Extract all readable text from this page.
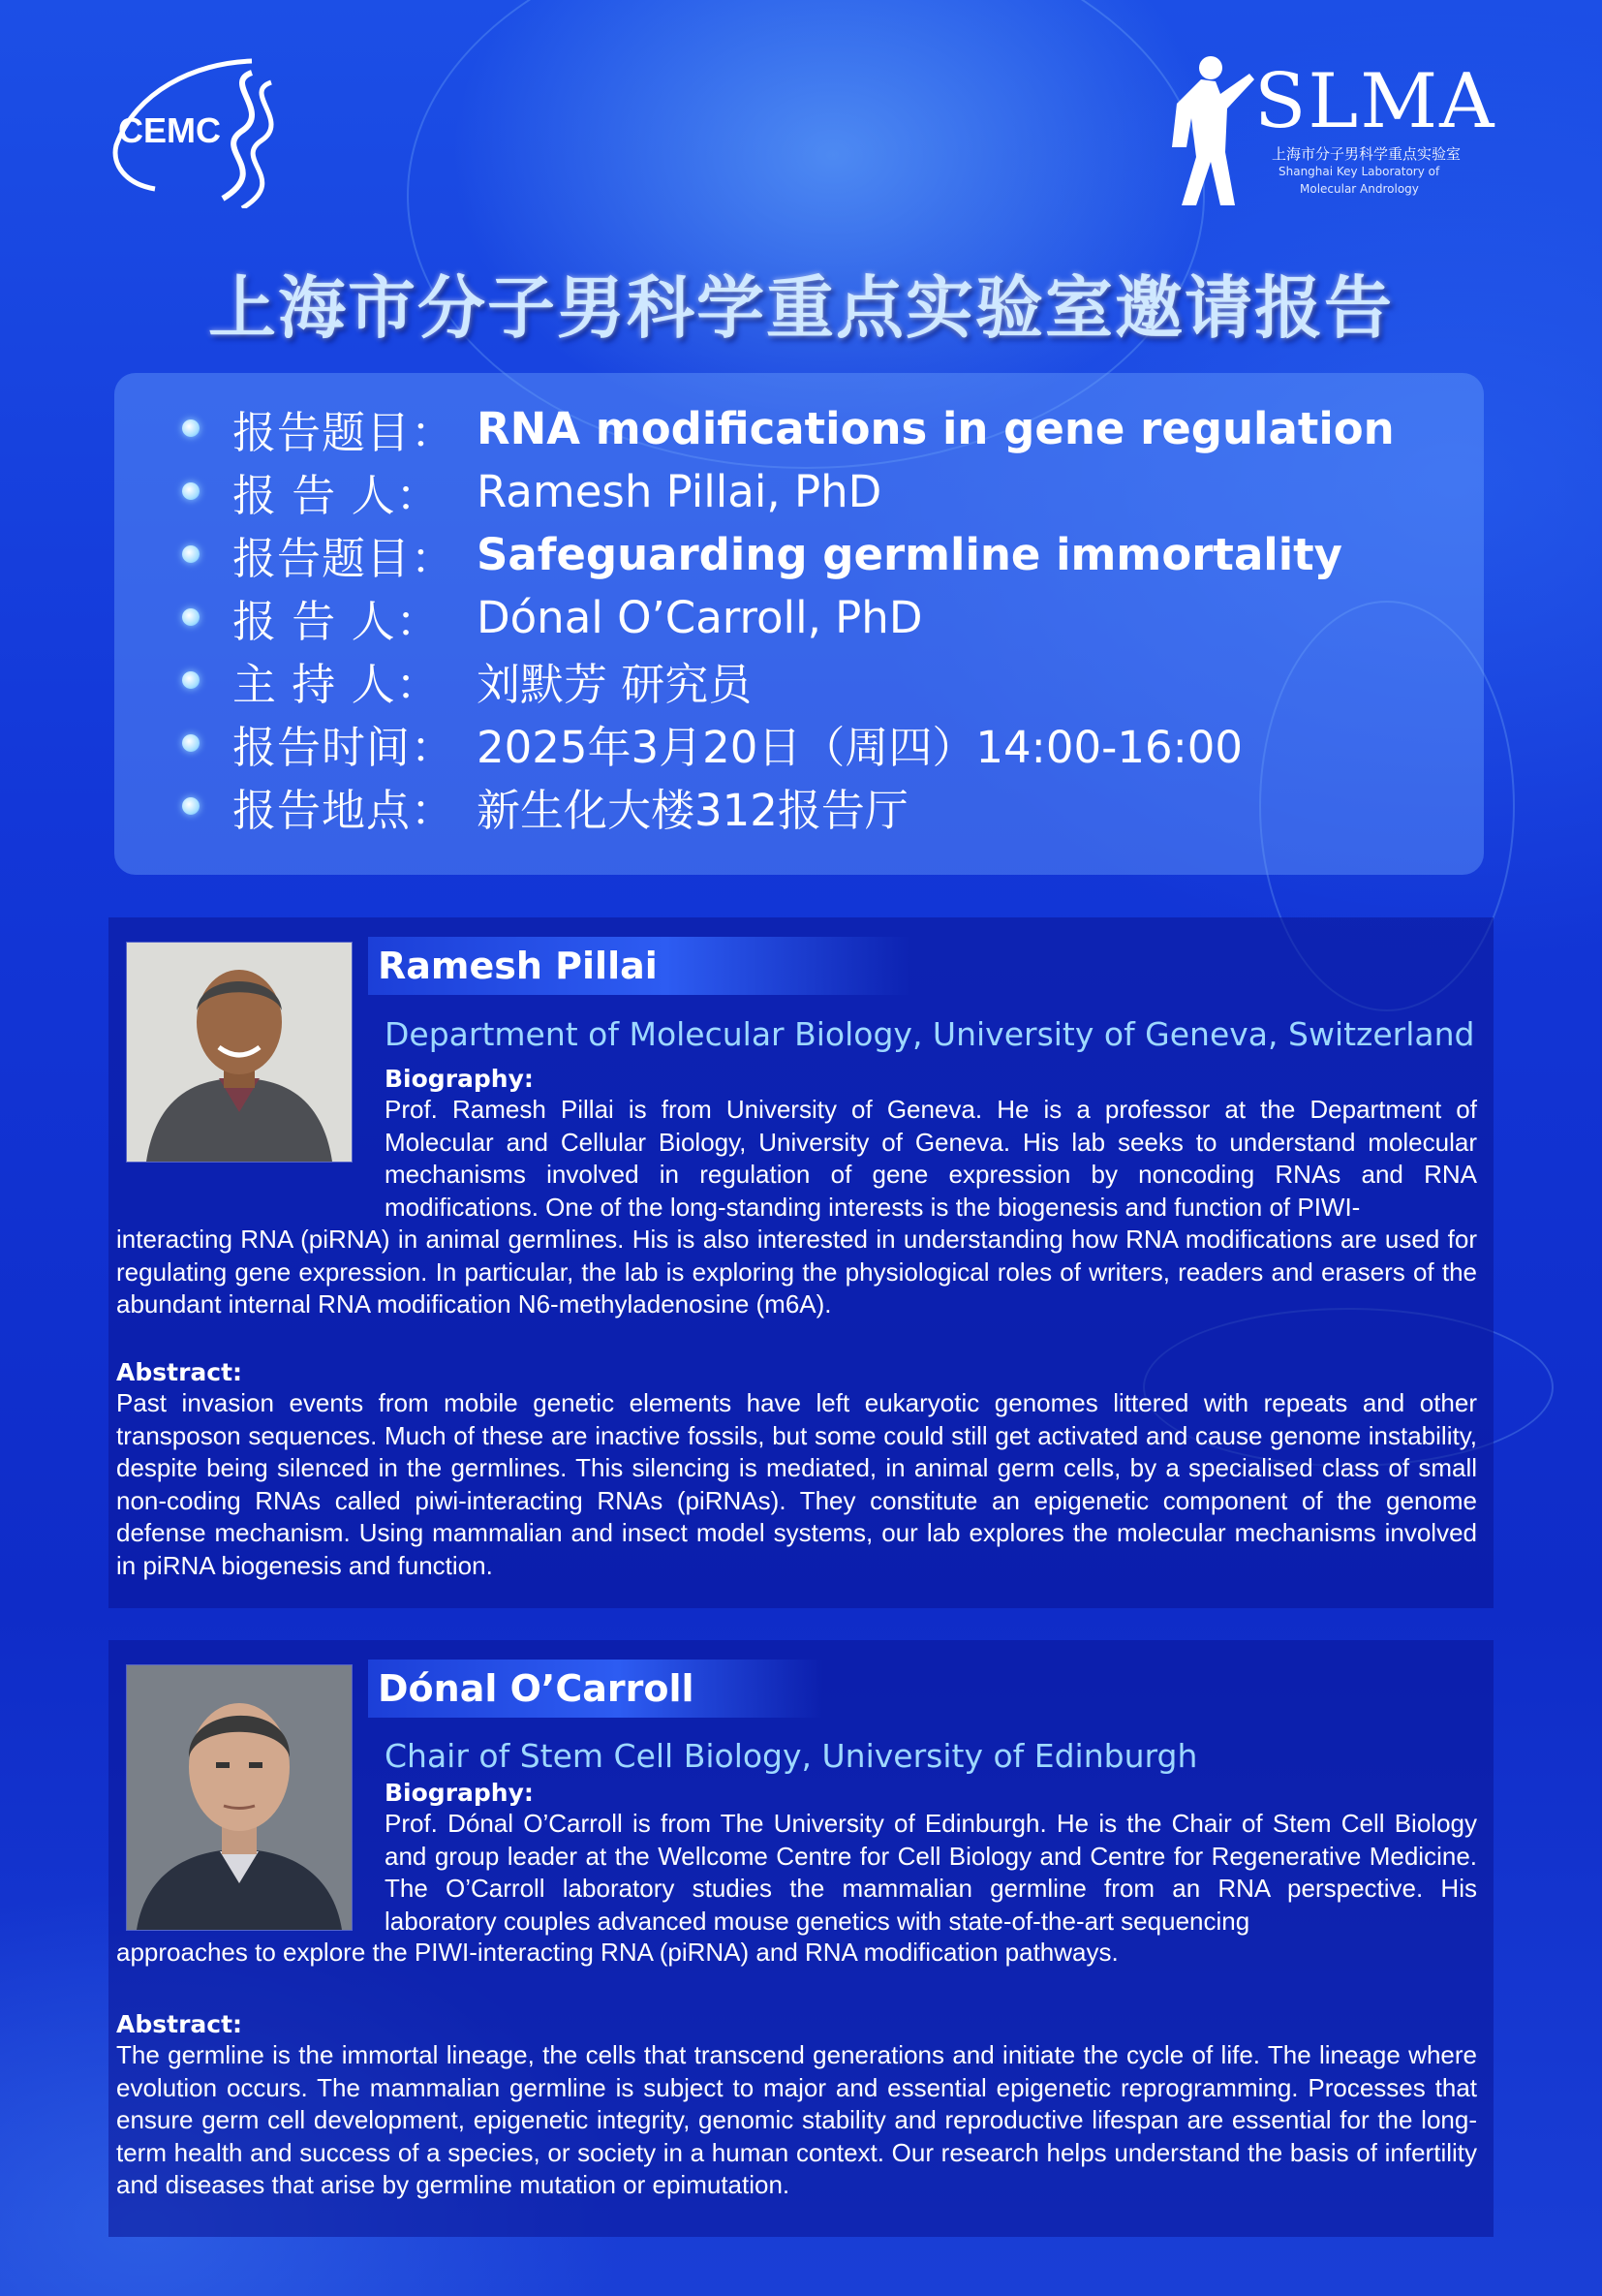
CEMC	SLMA
上海市分子男科学重点实验室
Shanghai Key Laboratory of
Molecular Andrology
上海市分子男科学重点实验室邀请报告
报告题目： RNA modifications in gene regulation
报 告 人： Ramesh Pillai, PhD
报告题目： Safeguarding germline immortality
报 告 人： Dónal O’Carroll, PhD
主 持 人： 刘默芳 研究员
报告时间： 2025年3月20日（周四）14:00-16:00
报告地点： 新生化大楼312报告厅
Ramesh Pillai
Department of Molecular Biology, University of Geneva, Switzerland
Biography:

Prof. Ramesh Pillai is from University of Geneva. He is a professor at the Department of Molecular and Cellular Biology, University of Geneva. His lab seeks to understand molecular mechanisms involved in regulation of gene expression by noncoding RNAs and RNA modifications. One of the long-standing interests is the biogenesis and function of PIWI-

interacting RNA (piRNA) in animal germlines. His is also interested in understanding how RNA modifications are used for regulating gene expression. In particular, the lab is exploring the physiological roles of writers, readers and erasers of the abundant internal RNA modification N6-methyladenosine (m6A).

Abstract:

Past invasion events from mobile genetic elements have left eukaryotic genomes littered with repeats and other transposon sequences. Much of these are inactive fossils, but some could still get activated and cause genome instability, despite being silenced in the germlines. This silencing is mediated, in animal germ cells, by a specialised class of small non-coding RNAs called piwi-interacting RNAs (piRNAs). They constitute an epigenetic component of the genome defense mechanism. Using mammalian and insect model systems, our lab explores the molecular mechanisms involved in piRNA biogenesis and function.

Dónal O’Carroll
Chair of Stem Cell Biology, University of Edinburgh
Biography:

Prof. Dónal O’Carroll is from The University of Edinburgh. He is the Chair of Stem Cell Biology and group leader at the Wellcome Centre for Cell Biology and Centre for Regenerative Medicine. The O’Carroll laboratory studies the mammalian germline from an RNA perspective. His laboratory couples advanced mouse genetics with state-of-the-art sequencing

approaches to explore the PIWI-interacting RNA (piRNA) and RNA modification pathways.

Abstract:

The germline is the immortal lineage, the cells that transcend generations and initiate the cycle of life. The lineage where evolution occurs. The mammalian germline is subject to major and essential epigenetic reprogramming. Processes that ensure germ cell development, epigenetic integrity, genomic stability and reproductive lifespan are essential for the long-term health and success of a species, or society in a human context. Our research helps understand the basis of infertility and diseases that arise by germline mutation or epimutation.
